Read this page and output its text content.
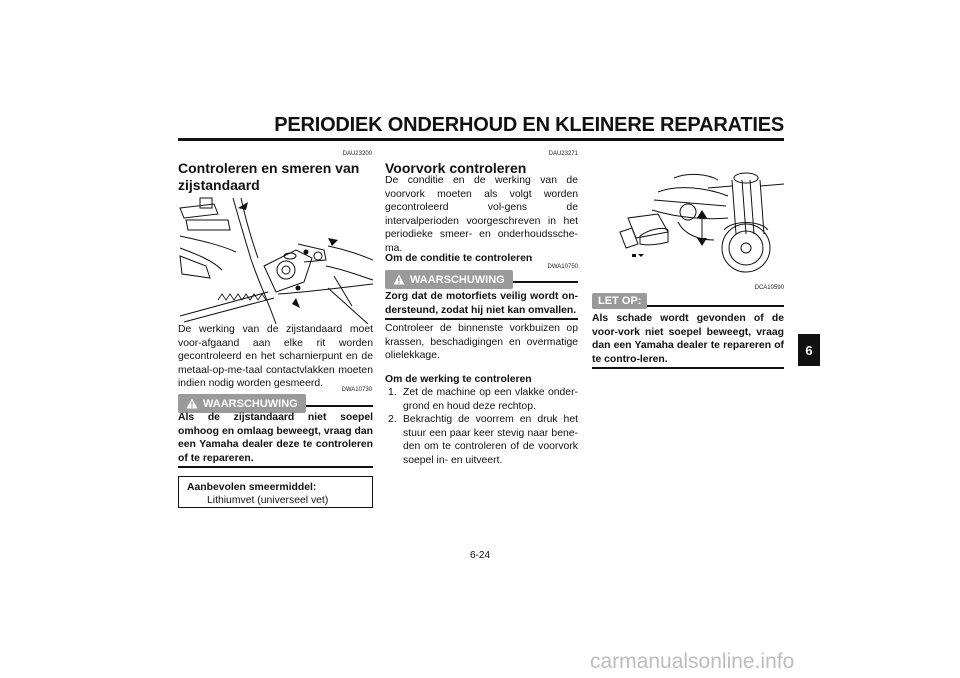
PERIODIEK ONDERHOUD EN KLEINERE REPARATIES
DAU23200
Controleren en smeren van zijstandaard
De werking van de zijstandaard moet voor-afgaand aan elke rit worden gecontroleerd en het scharnierpunt en de metaal-op-me-taal contactvlakken moeten indien nodig worden gesmeerd.
DWA10730
WAARSCHUWING
Als de zijstandaard niet soepel omhoog en omlaag beweegt, vraag dan een Yamaha dealer deze te controleren of te repareren.
Aanbevolen smeermiddel:
Lithiumvet (universeel vet)
DAU23271
Voorvork controleren
De conditie en de werking van de voorvork moeten als volgt worden gecontroleerd vol-gens de intervalperioden voorgeschreven in het periodieke smeer- en onderhoudssche-ma.
Om de conditie te controleren
DWA10750
WAARSCHUWING
Zorg dat de motorfiets veilig wordt on-dersteund, zodat hij niet kan omvallen.
Controleer de binnenste vorkbuizen op krassen, beschadigingen en overmatige olielekkage.
Om de werking te controleren
1. Zet de machine op een vlakke onder-grond en houd deze rechtop.
2. Bekrachtig de voorrem en druk het stuur een paar keer stevig naar bene-den om te controleren of de voorvork soepel in- en uitveert.
DCA10590
LET OP:
Als schade wordt gevonden of de voor-vork niet soepel beweegt, vraag dan een Yamaha dealer te repareren of te contro-leren.
6
6-24
carmanualsonline.info
